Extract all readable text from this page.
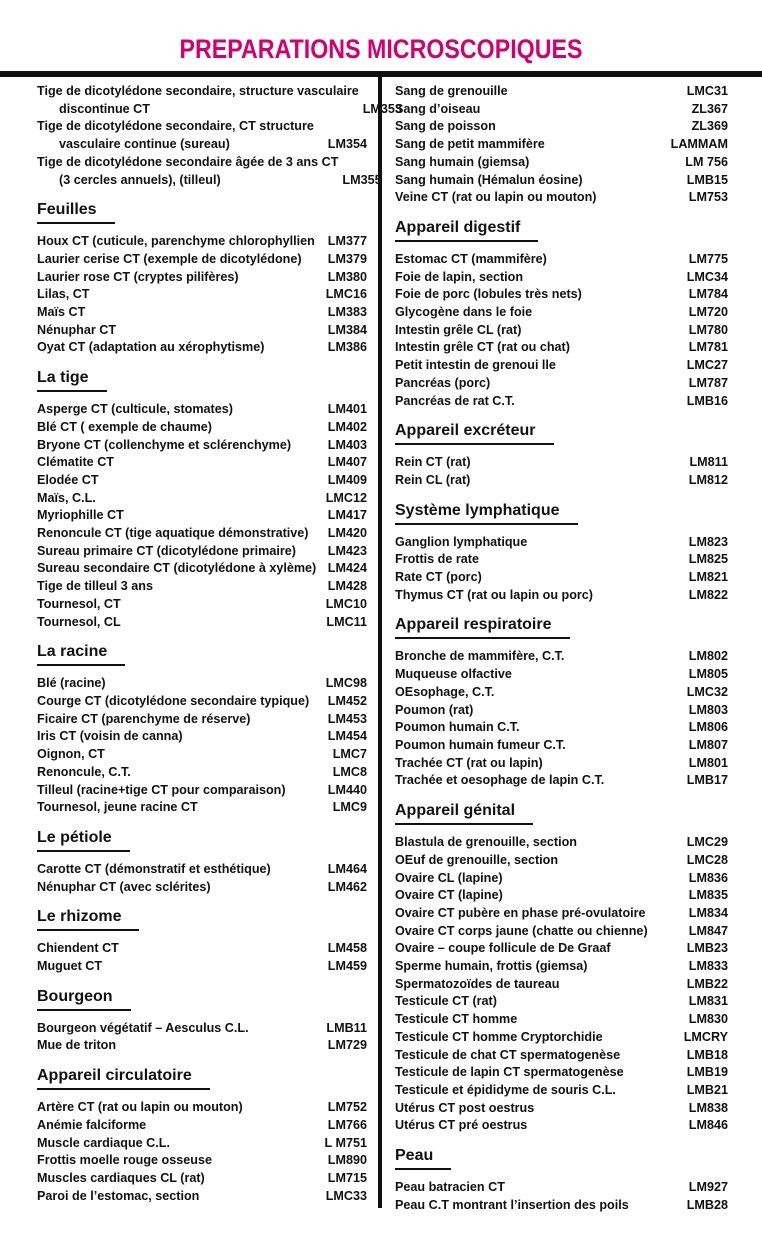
PREPARATIONS MICROSCOPIQUES
Tige de dicotylédone secondaire, structure vasculaire
discontinue CT	LM353
Tige de dicotylédone secondaire, CT structure
vasculaire continue (sureau)	LM354
Tige de dicotylédone secondaire âgée de 3 ans CT
(3 cercles annuels), (tilleul)	LM355
Feuilles
Houx CT (cuticule, parenchyme chlorophyllien	LM377
Laurier cerise CT (exemple de dicotylédone)	LM379
Laurier rose CT (cryptes pilifères)	LM380
Lilas, CT	LMC16
Maïs CT	LM383
Nénuphar CT	LM384
Oyat CT (adaptation au xérophytisme)	LM386
La tige
Asperge CT (culticule, stomates)	LM401
Blé CT ( exemple de chaume)	LM402
Bryone CT (collenchyme et sclérenchyme)	LM403
Clématite CT	LM407
Elodée CT	LM409
Maïs, C.L.	LMC12
Myriophille CT	LM417
Renoncule CT (tige aquatique démonstrative)	LM420
Sureau primaire CT (dicotylédone primaire)	LM423
Sureau secondaire CT (dicotylédone à xylème) LM424
Tige de tilleul 3 ans	LM428
Tournesol, CT	LMC10
Tournesol, CL	LMC11
La racine
Blé (racine)	LMC98
Courge CT (dicotylédone secondaire typique)	LM452
Ficaire CT (parenchyme de réserve)	LM453
Iris CT (voisin de canna)	LM454
Oignon, CT	LMC7
Renoncule, C.T.	LMC8
Tilleul (racine+tige CT pour comparaison)	LM440
Tournesol, jeune racine CT	LMC9
Le pétiole
Carotte CT (démonstratif et esthétique)	LM464
Nénuphar CT (avec sclérites)	LM462
Le rhizome
Chiendent CT	LM458
Muguet CT	LM459
Bourgeon
Bourgeon végétatif – Aesculus C.L.	LMB11
Mue de triton	LM729
Appareil circulatoire
Artère CT (rat ou lapin ou mouton)	LM752
Anémie falciforme	LM766
Muscle cardiaque C.L.	L M751
Frottis moelle rouge osseuse	LM890
Muscles cardiaques CL (rat)	LM715
Paroi de l’estomac, section	LMC33
Sang de grenouille	LMC31
Sang d’oiseau	ZL367
Sang de poisson	ZL369
Sang de petit mammifère	LAMMAM
Sang humain (giemsa)	LM 756
Sang humain (Hémalun éosine)	LMB15
Veine CT (rat ou lapin ou mouton)	LM753
Appareil digestif
Estomac CT (mammifère)	LM775
Foie de lapin, section	LMC34
Foie de porc (lobules très nets)	LM784
Glycogène dans le foie	LM720
Intestin grêle CL (rat)	LM780
Intestin grêle CT (rat ou chat)	LM781
Petit intestin de grenoui lle	LMC27
Pancréas (porc)	LM787
Pancréas de rat C.T.	LMB16
Appareil excréteur
Rein CT (rat)	LM811
Rein CL (rat)	LM812
Système lymphatique
Ganglion lymphatique	LM823
Frottis de rate	LM825
Rate CT (porc)	LM821
Thymus CT (rat ou lapin ou porc)	LM822
Appareil respiratoire
Bronche de mammifère, C.T.	LM802
Muqueuse olfactive	LM805
OEsophage, C.T.	LMC32
Poumon (rat)	LM803
Poumon humain C.T.	LM806
Poumon humain fumeur C.T.	LM807
Trachée CT (rat ou lapin)	LM801
Trachée et oesophage de lapin C.T.	LMB17
Appareil génital
Blastula de grenouille, section	LMC29
OEuf de grenouille, section	LMC28
Ovaire CL (lapine)	LM836
Ovaire CT (lapine)	LM835
Ovaire CT pubère en phase pré-ovulatoire	LM834
Ovaire CT corps jaune (chatte ou chienne)	LM847
Ovaire – coupe follicule de De Graaf	LMB23
Sperme humain, frottis (giemsa)	LM833
Spermatozoïdes de taureau	LMB22
Testicule CT (rat)	LM831
Testicule CT homme	LM830
Testicule CT homme Cryptorchidie	LMCRY
Testicule de chat CT spermatogenèse	LMB18
Testicule de lapin CT spermatogenèse	LMB19
Testicule et épididyme de souris C.L.	LMB21
Utérus CT post oestrus	LM838
Utérus CT pré oestrus	LM846
Peau
Peau batracien CT	LM927
Peau C.T montrant l’insertion des poils	LMB28
